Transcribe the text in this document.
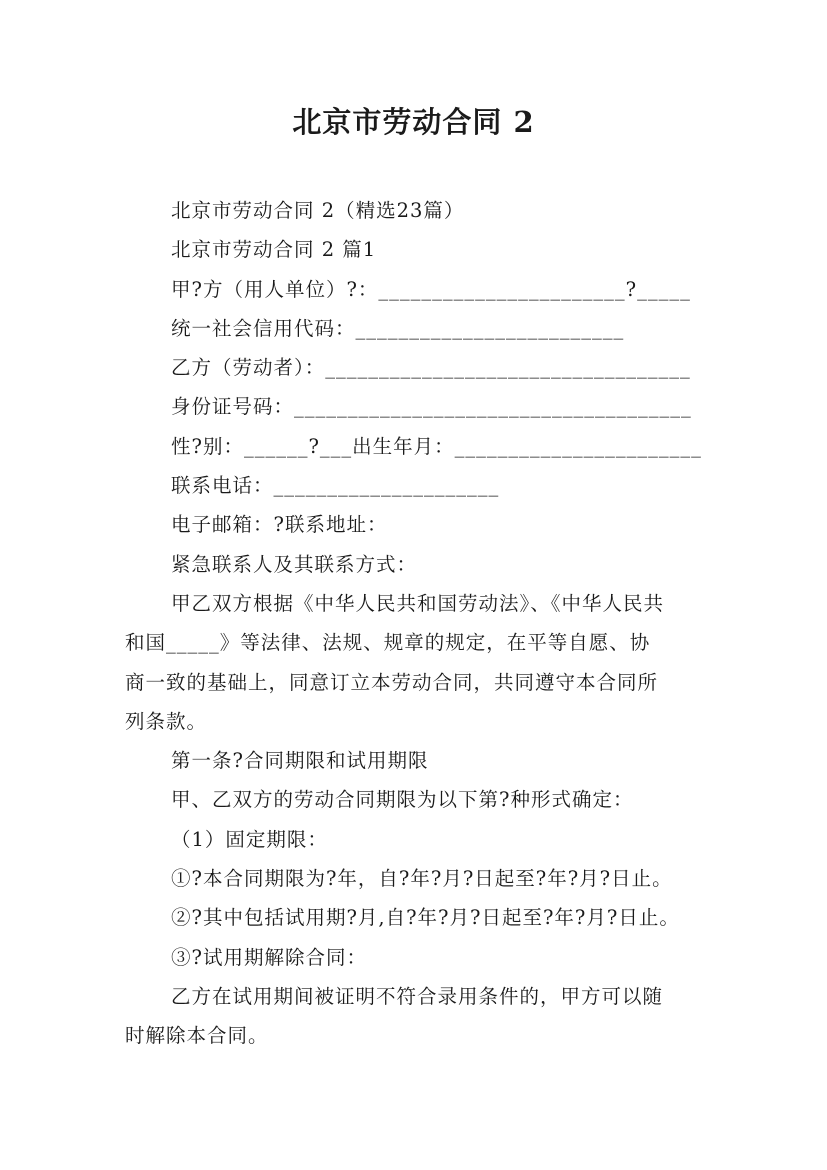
北京市劳动合同 2

北京市劳动合同 2（精选23篇）

北京市劳动合同 2 篇1

甲?方（用人单位）?：_______________________?_____

统一社会信用代码：_________________________

乙方（劳动者）：__________________________________

身份证号码：_____________________________________

性?别：______?___出生年月：_______________________

联系电话：_____________________

电子邮箱：?联系地址：

紧急联系人及其联系方式：

甲乙双方根据《中华人民共和国劳动法》、《中华人民共
和国_____》等法律、法规、规章的规定，在平等自愿、协
商一致的基础上，同意订立本劳动合同，共同遵守本合同所
列条款。

第一条?合同期限和试用期限

甲、乙双方的劳动合同期限为以下第?种形式确定：

（1）固定期限：

①?本合同期限为?年，自?年?月?日起至?年?月?日止。

②?其中包括试用期?月,自?年?月?日起至?年?月?日止。

③?试用期解除合同：

乙方在试用期间被证明不符合录用条件的，甲方可以随
时解除本合同。
